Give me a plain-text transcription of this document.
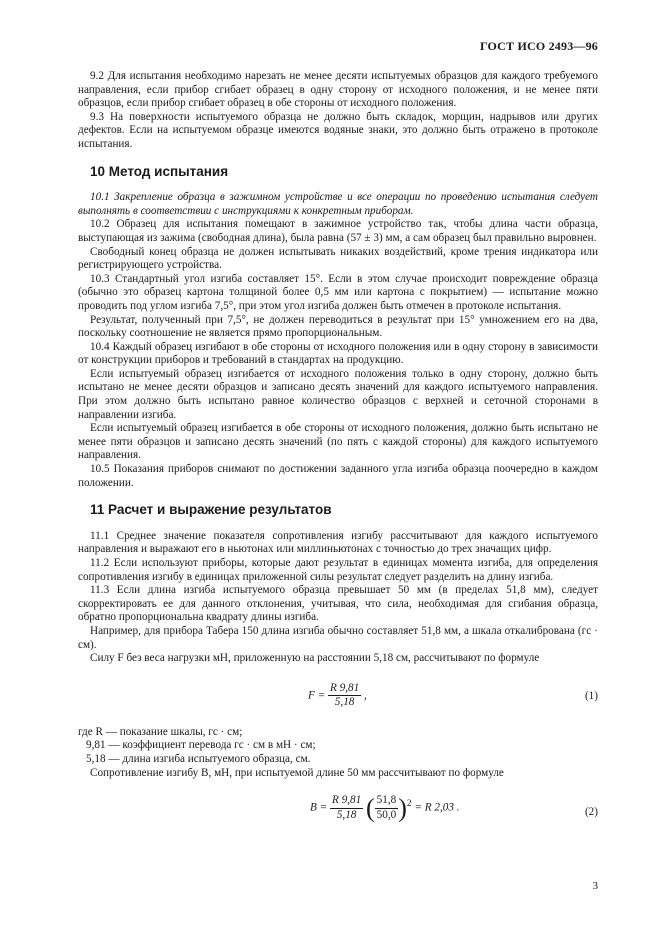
ГОСТ ИСО 2493—96

9.2 Для испытания необходимо нарезать не менее десяти испытуемых образцов для каждого требуемого направления, если прибор сгибает образец в одну сторону от исходного положения, и не менее пяти образцов, если прибор сгибает образец в обе стороны от исходного положения.

9.3 На поверхности испытуемого образца не должно быть складок, морщин, надрывов или других дефектов. Если на испытуемом образце имеются водяные знаки, это должно быть отражено в протоколе испытания.

10 Метод испытания

10.1 Закрепление образца в зажимном устройстве и все операции по проведению испытания следует выполнять в соответствии с инструкциями к конкретным приборам.

10.2 Образец для испытания помещают в зажимное устройство так, чтобы длина части образца, выступающая из зажима (свободная длина), была равна (57 ± 3) мм, а сам образец был правильно выровнен.

Свободный конец образца не должен испытывать никаких воздействий, кроме трения индикатора или регистрирующего устройства.

10.3 Стандартный угол изгиба составляет 15°. Если в этом случае происходит повреждение образца (обычно это образец картона толщиной более 0,5 мм или картона с покрытием) — испытание можно проводить под углом изгиба 7,5°, при этом угол изгиба должен быть отмечен в протоколе испытания.

Результат, полученный при 7,5°, не должен переводиться в результат при 15° умножением его на два, поскольку соотношение не является прямо пропорциональным.

10.4 Каждый образец изгибают в обе стороны от исходного положения или в одну сторону в зависимости от конструкции приборов и требований в стандартах на продукцию.

Если испытуемый образец изгибается от исходного положения только в одну сторону, должно быть испытано не менее десяти образцов и записано десять значений для каждого испытуемого направления. При этом должно быть испытано равное количество образцов с верхней и сеточной сторонами в направлении изгиба.

Если испытуемый образец изгибается в обе стороны от исходного положения, должно быть испытано не менее пяти образцов и записано десять значений (по пять с каждой стороны) для каждого испытуемого направления.

10.5 Показания приборов снимают по достижении заданного угла изгиба образца поочередно в каждом положении.

11 Расчет и выражение результатов

11.1 Среднее значение показателя сопротивления изгибу рассчитывают для каждого испытуемого направления и выражают его в ньютонах или миллиньютонах с точностью до трех значащих цифр.

11.2 Если используют приборы, которые дают результат в единицах момента изгиба, для определения сопротивления изгибу в единицах приложенной силы результат следует разделить на длину изгиба.

11.3 Если длина изгиба испытуемого образца превышает 50 мм (в пределах 51,8 мм), следует скорректировать ее для данного отклонения, учитывая, что сила, необходимая для сгибания образца, обратно пропорциональна квадрату длины изгиба.

Например, для прибора Табера 150 длина изгиба обычно составляет 51,8 мм, а шкала откалибрована (гс · см).

Силу F без веса нагрузки мН, приложенную на расстоянии 5,18 см, рассчитывают по формуле

$F = \frac{R 9,81}{5,18}$ ,	(1)
где R — показание шкалы, гс · см;
9,81 — коэффициент перевода гс · см в мН · см;
5,18 — длина изгиба испытуемого образца, см.

Сопротивление изгибу B, мН, при испытуемой длине 50 мм рассчитывают по формуле

$B = \frac{R 9,81}{5,18}$ ( $\frac{51,8}{50,0} )^2 = R$ 2,03 .	(2)
3
